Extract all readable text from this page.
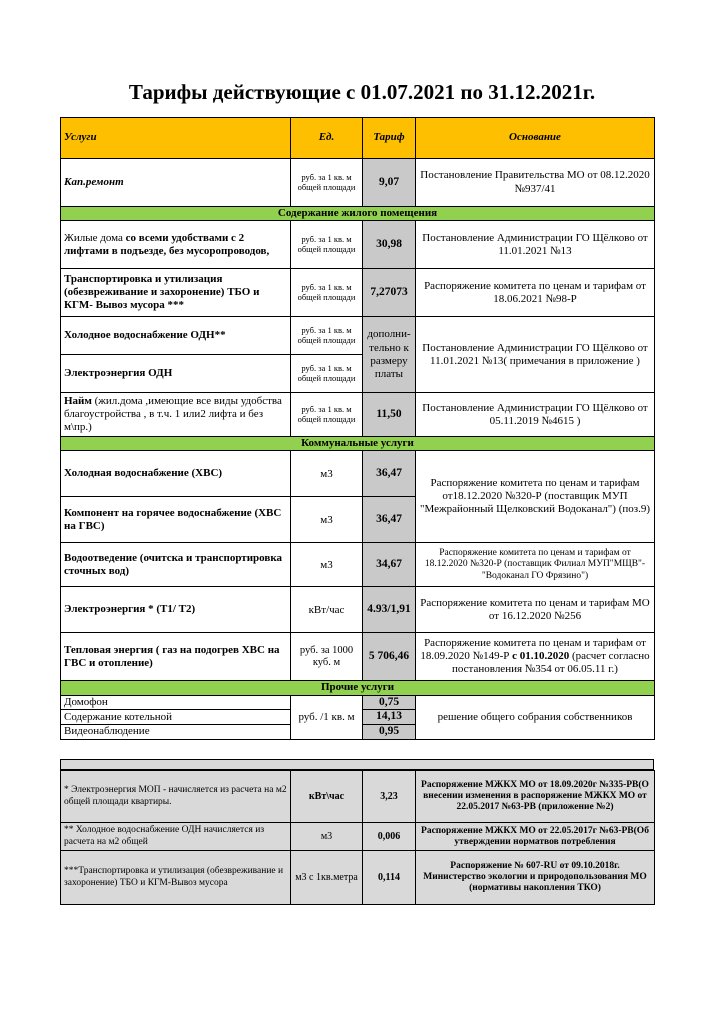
Тарифы действующие с 01.07.2021 по 31.12.2021г.
Услуги	Ед.	Тариф	Основание
Кап.ремонт	руб. за 1 кв. м общей площади	9,07	Постановление Правительства МО от 08.12.2020 №937/41
Содержание жилого помещения			
Жилые дома со всеми удобствами с 2 лифтами в подъезде, без мусоропроводов,	руб. за 1 кв. м общей площади	30,98	Постановление Администрации ГО Щёлково от 11.01.2021 №13
Транспортировка и утилизация (обезвреживание и захоронение) ТБО и КГМ- Вывоз мусора ***	руб. за 1 кв. м общей площади	7,27073	Распоряжение комитета по ценам и тарифам от 18.06.2021 №98-Р
Холодное водоснабжение ОДН**	руб. за 1 кв. м общей площади	дополни-тельно к размеру платы	Постановление Администрации ГО Щёлково от 11.01.2021 №13( примечания в приложение )
Электроэнергия ОДН	руб. за 1 кв. м общей площади		
Найм (жил.дома ,имеющие все виды удобства благоустройства , в т.ч. 1 или2 лифта и без м\пр.)	руб. за 1 кв. м общей площади	11,50	Постановление Администрации ГО Щёлково от 05.11.2019 №4615 )
Коммунальные услуги			
Холодная водоснабжение (ХВС)	м3	36,47	Распоряжение комитета по ценам и тарифам от18.12.2020 №320-Р (поставщик МУП "Межрайонный Щелковский Водоканал") (поз.9)
Компонент на горячее водоснабжение (ХВС на ГВС)	м3	36,47	
Водоотведение (очитска и транспортировка сточных вод)	м3	34,67	Распоряжение комитета по ценам и тарифам от 18.12.2020 №320-Р (поставщик Филиал МУП"МЩВ"-"Водоканал ГО Фрязино")
Электроэнергия * (Т1/ Т2)	кВт/час	4.93/1,91	Распоряжение комитета по ценам и тарифам МО от 16.12.2020 №256
Тепловая энергия ( газ на подогрев ХВС на ГВС и отопление)	руб. за 1000 куб. м	5 706,46	Распоряжение комитета по ценам и тарифам от 18.09.2020 №149-Р с 01.10.2020 (расчет согласно постановления №354 от 06.05.11 г.)
Прочие услуги			
Домофон	руб. /1 кв. м	0,75	решение общего собрания собственников
Содержание котельной		14,13	
Видеонаблюдение		0,95	
* Электроэнергия МОП - начисляется из расчета на м2 общей площади квартиры.	кВт\час	3,23	Распоряжение МЖКХ МО от 18.09.2020г №335-РВ(О внесении изменения в распоряжение МЖКХ МО от 22.05.2017 №63-РВ (приложение №2)
** Холодное водоснабжение ОДН начисляется из расчета на м2 общей	м3	0,006	Распоряжение МЖКХ МО от 22.05.2017г №63-РВ(Об утверждении норматвов потребления
***Транспортировка и утилизация (обезвреживание и захоронение) ТБО и КГМ-Вывоз мусора	м3 с 1кв.метра	0,114	Распоряжение № 607-RU от 09.10.2018г. Министерство экологии и природопользования МО (нормативы накопления ТКО)
